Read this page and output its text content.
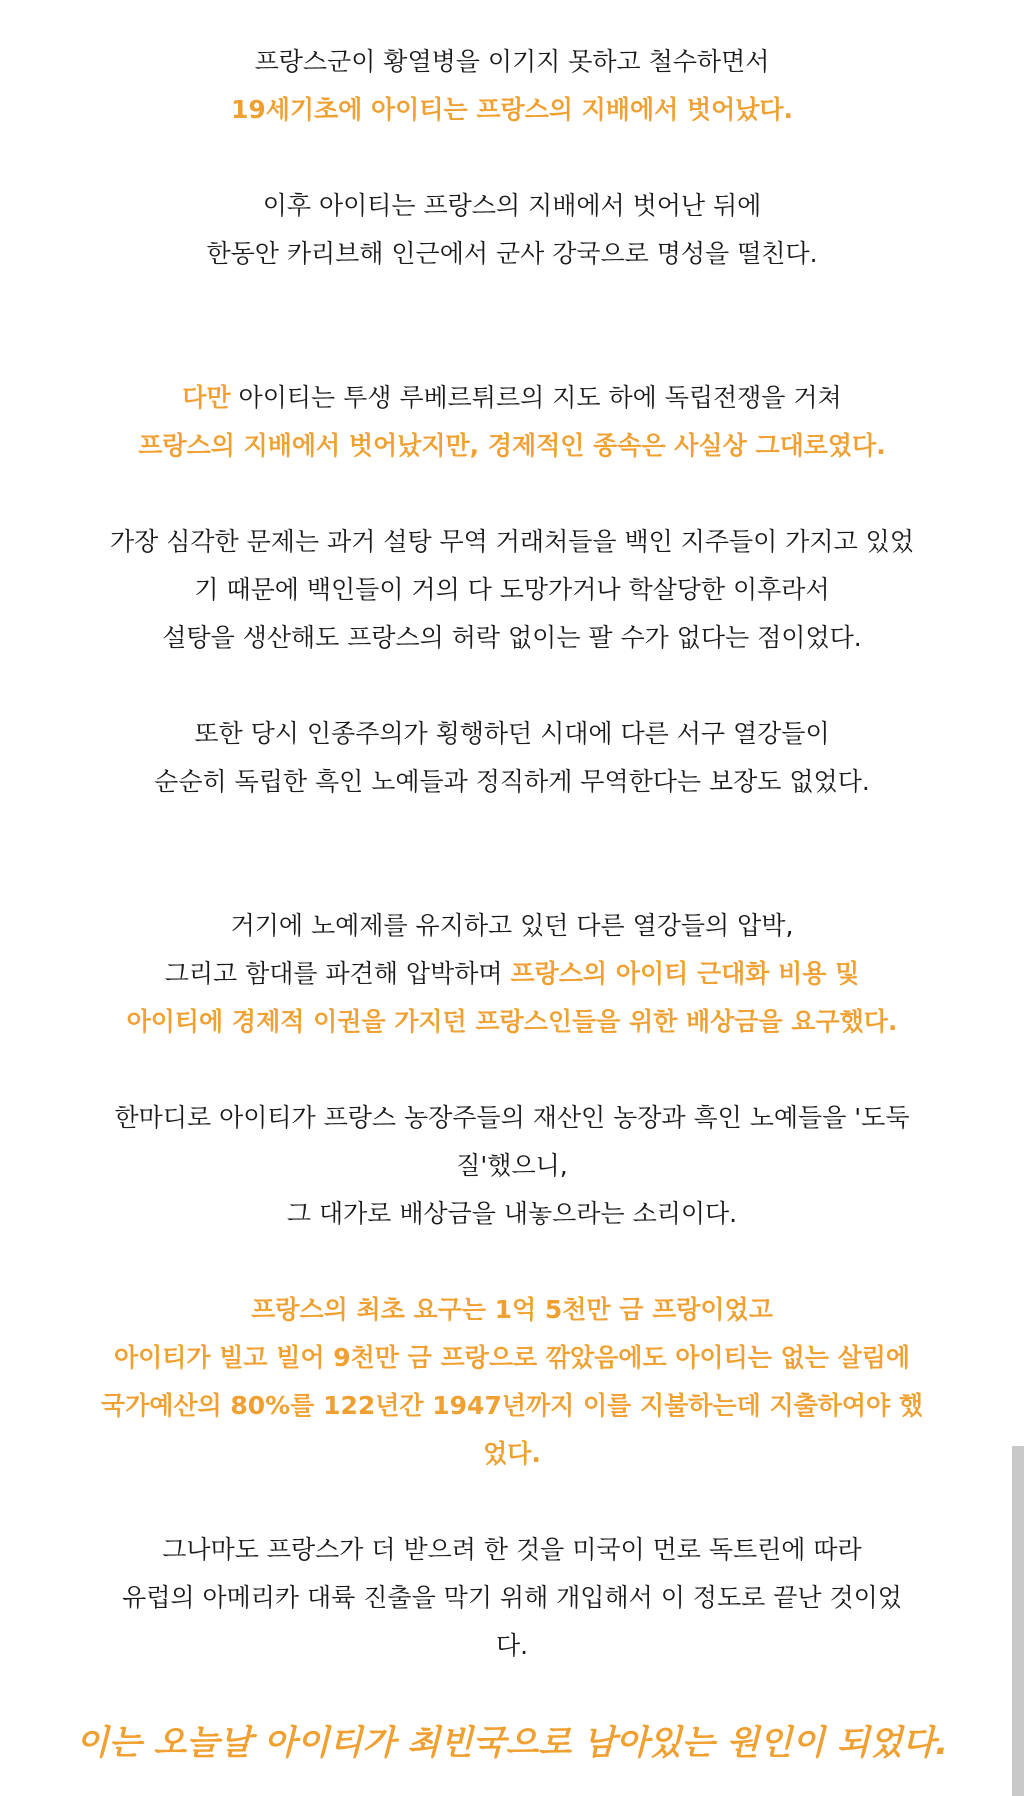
프랑스군이 황열병을 이기지 못하고 철수하면서
19세기초에 아이티는 프랑스의 지배에서 벗어났다.

이후 아이티는 프랑스의 지배에서 벗어난 뒤에
한동안 카리브해 인근에서 군사 강국으로 명성을 떨친다.

다만 아이티는 투생 루베르튀르의 지도 하에 독립전쟁을 거쳐
프랑스의 지배에서 벗어났지만, 경제적인 종속은 사실상 그대로였다.

가장 심각한 문제는 과거 설탕 무역 거래처들을 백인 지주들이 가지고 있었
기 때문에 백인들이 거의 다 도망가거나 학살당한 이후라서
설탕을 생산해도 프랑스의 허락 없이는 팔 수가 없다는 점이었다.

또한 당시 인종주의가 횡행하던 시대에 다른 서구 열강들이
순순히 독립한 흑인 노예들과 정직하게 무역한다는 보장도 없었다.

거기에 노예제를 유지하고 있던 다른 열강들의 압박,
그리고 함대를 파견해 압박하며 프랑스의 아이티 근대화 비용 및
아이티에 경제적 이권을 가지던 프랑스인들을 위한 배상금을 요구했다.

한마디로 아이티가 프랑스 농장주들의 재산인 농장과 흑인 노예들을 '도둑
질'했으니,
그 대가로 배상금을 내놓으라는 소리이다.

프랑스의 최초 요구는 1억 5천만 금 프랑이었고
아이티가 빌고 빌어 9천만 금 프랑으로 깎았음에도 아이티는 없는 살림에
국가예산의 80%를 122년간 1947년까지 이를 지불하는데 지출하여야 했
었다.

그나마도 프랑스가 더 받으려 한 것을 미국이 먼로 독트린에 따라
유럽의 아메리카 대륙 진출을 막기 위해 개입해서 이 정도로 끝난 것이었
다.

이는 오늘날 아이티가 최빈국으로 남아있는 원인이 되었다.
